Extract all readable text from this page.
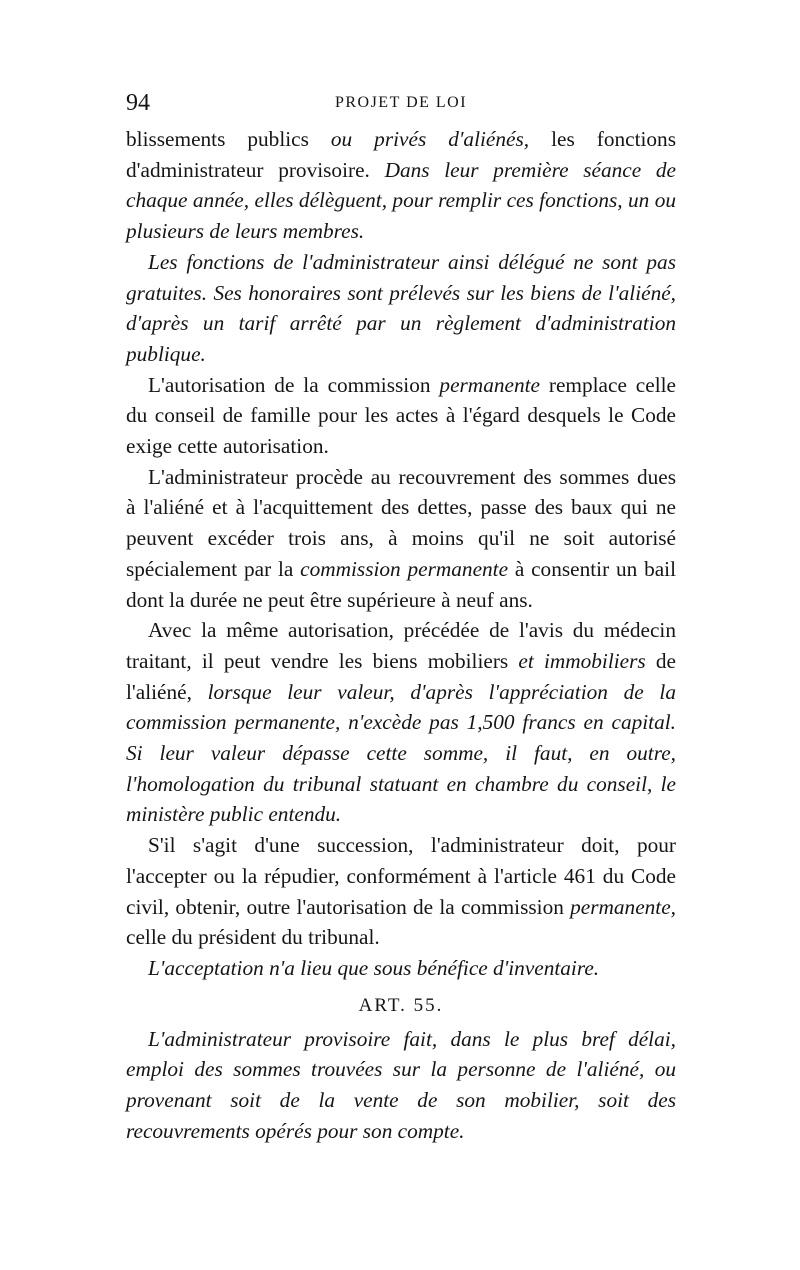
94	PROJET DE LOI

blissements publics ou privés d'aliénés, les fonctions d'administrateur provisoire. Dans leur première séance de chaque année, elles délèguent, pour remplir ces fonctions, un ou plusieurs de leurs membres.

Les fonctions de l'administrateur ainsi délégué ne sont pas gratuites. Ses honoraires sont prélevés sur les biens de l'aliéné, d'après un tarif arrêté par un règlement d'administration publique.

L'autorisation de la commission permanente remplace celle du conseil de famille pour les actes à l'égard desquels le Code exige cette autorisation.

L'administrateur procède au recouvrement des sommes dues à l'aliéné et à l'acquittement des dettes, passe des baux qui ne peuvent excéder trois ans, à moins qu'il ne soit autorisé spécialement par la commission permanente à consentir un bail dont la durée ne peut être supérieure à neuf ans.

Avec la même autorisation, précédée de l'avis du médecin traitant, il peut vendre les biens mobiliers et immobiliers de l'aliéné, lorsque leur valeur, d'après l'appréciation de la commission permanente, n'excède pas 1,500 francs en capital. Si leur valeur dépasse cette somme, il faut, en outre, l'homologation du tribunal statuant en chambre du conseil, le ministère public entendu.

S'il s'agit d'une succession, l'administrateur doit, pour l'accepter ou la répudier, conformément à l'article 461 du Code civil, obtenir, outre l'autorisation de la commission permanente, celle du président du tribunal.

L'acceptation n'a lieu que sous bénéfice d'inventaire.

ART. 55.

L'administrateur provisoire fait, dans le plus bref délai, emploi des sommes trouvées sur la personne de l'aliéné, ou provenant soit de la vente de son mobilier, soit des recouvrements opérés pour son compte.
